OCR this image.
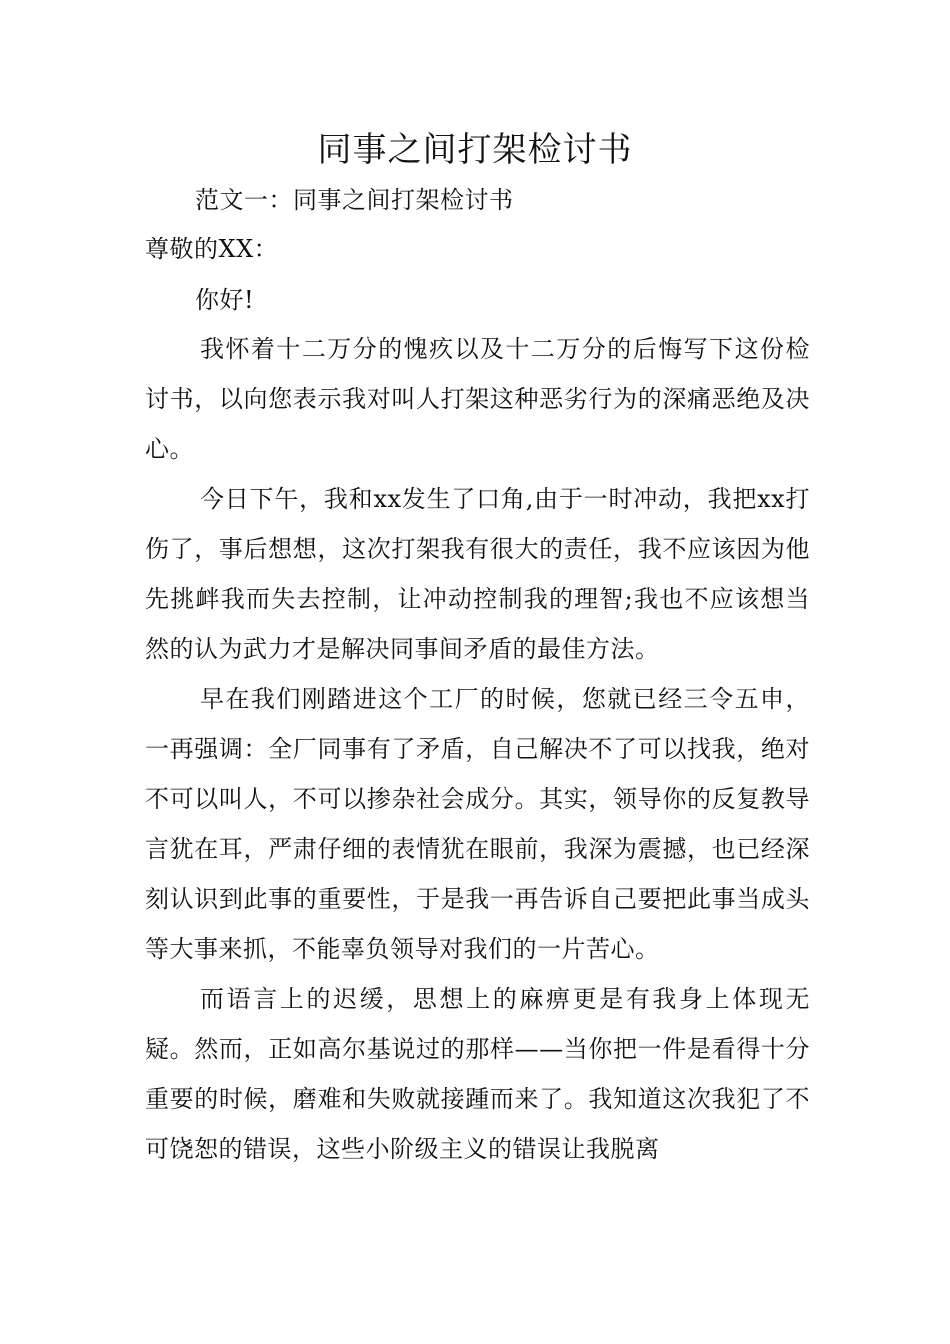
同事之间打架检讨书
范文一：同事之间打架检讨书
尊敬的XX：
你好!

我怀着十二万分的愧疚以及十二万分的后悔写下这份检讨书，以向您表示我对叫人打架这种恶劣行为的深痛恶绝及决心。

今日下午，我和xx发生了口角,由于一时冲动，我把xx打伤了，事后想想，这次打架我有很大的责任，我不应该因为他先挑衅我而失去控制，让冲动控制我的理智;我也不应该想当然的认为武力才是解决同事间矛盾的最佳方法。

早在我们刚踏进这个工厂的时候，您就已经三令五申，一再强调：全厂同事有了矛盾，自己解决不了可以找我，绝对不可以叫人，不可以掺杂社会成分。其实，领导你的反复教导言犹在耳，严肃仔细的表情犹在眼前，我深为震撼，也已经深刻认识到此事的重要性，于是我一再告诉自己要把此事当成头等大事来抓，不能辜负领导对我们的一片苦心。

而语言上的迟缓，思想上的麻痹更是有我身上体现无疑。然而，正如高尔基说过的那样——当你把一件是看得十分重要的时候，磨难和失败就接踵而来了。我知道这次我犯了不可饶恕的错误，这些小阶级主义的错误让我脱离
